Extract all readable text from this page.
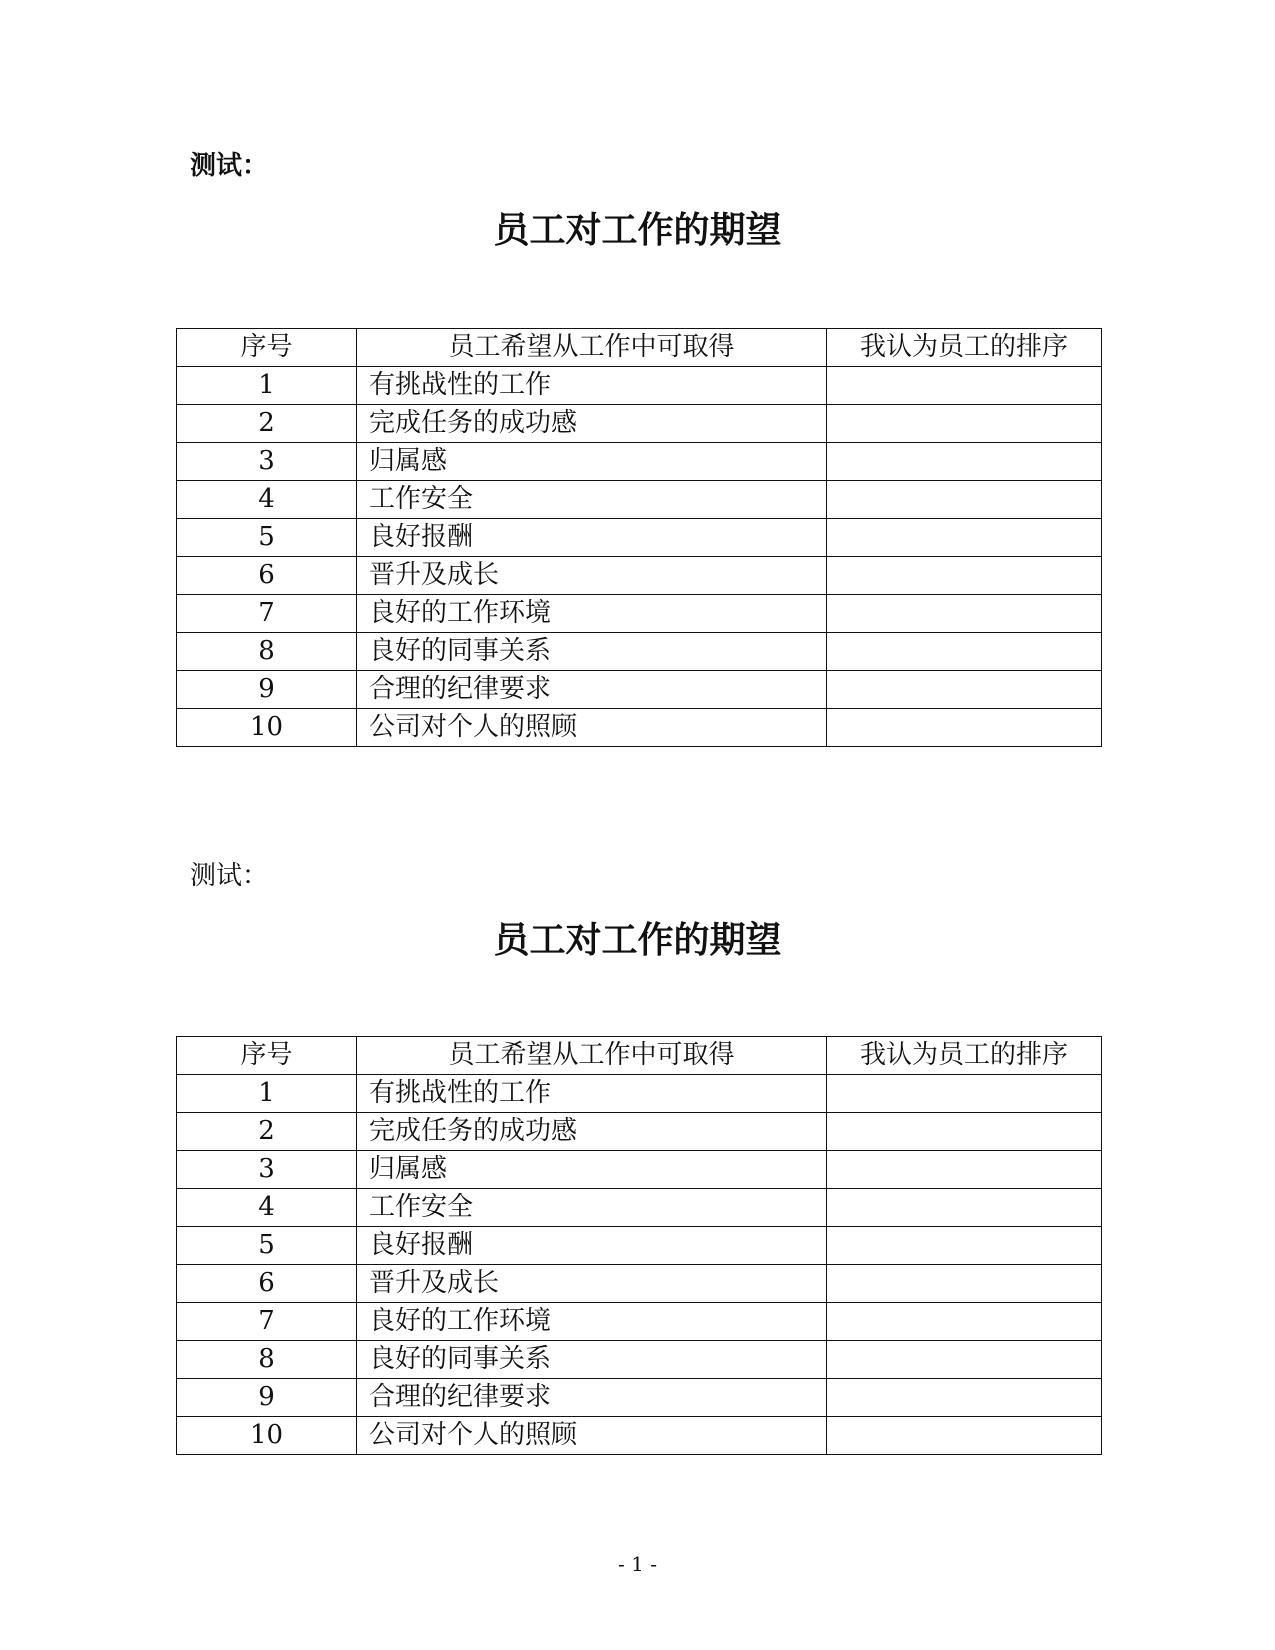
测试：
员工对工作的期望
序号	员工希望从工作中可取得	我认为员工的排序
1	有挑战性的工作	
2	完成任务的成功感	
3	归属感	
4	工作安全	
5	良好报酬	
6	晋升及成长	
7	良好的工作环境	
8	良好的同事关系	
9	合理的纪律要求	
10	公司对个人的照顾	
测试：
员工对工作的期望
序号	员工希望从工作中可取得	我认为员工的排序
1	有挑战性的工作	
2	完成任务的成功感	
3	归属感	
4	工作安全	
5	良好报酬	
6	晋升及成长	
7	良好的工作环境	
8	良好的同事关系	
9	合理的纪律要求	
10	公司对个人的照顾	
- 1 -
